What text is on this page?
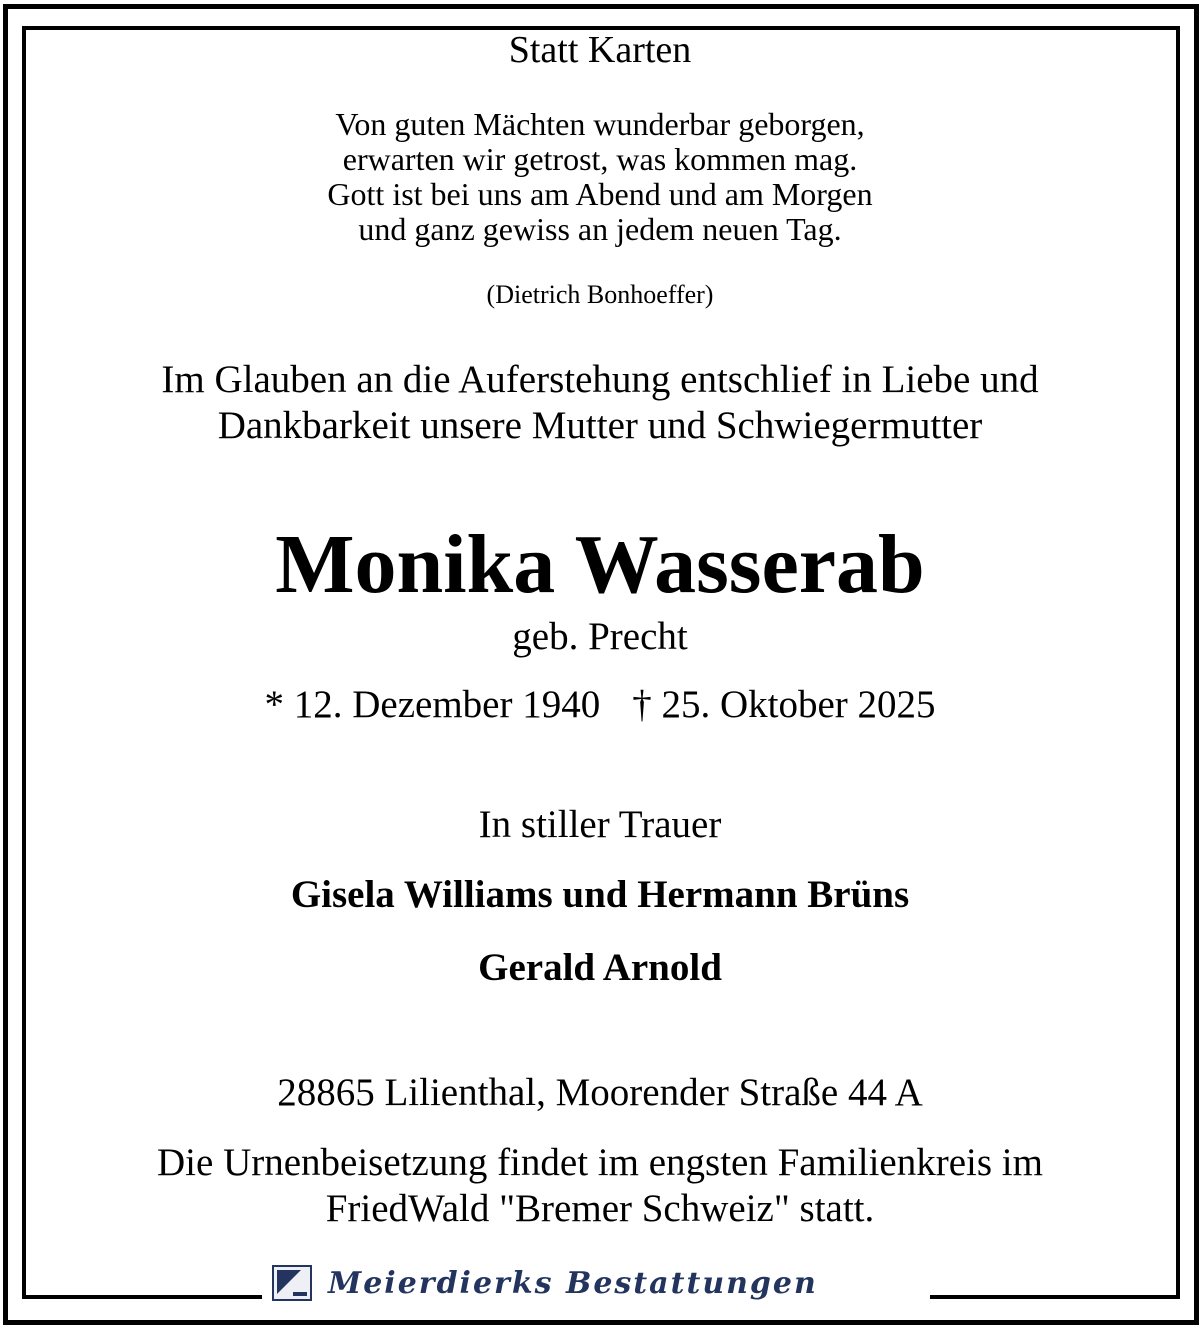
Statt Karten
Von guten Mächten wunderbar geborgen,
erwarten wir getrost, was kommen mag.
Gott ist bei uns am Abend und am Morgen
und ganz gewiss an jedem neuen Tag.
(Dietrich Bonhoeffer)
Im Glauben an die Auferstehung entschlief in Liebe und
Dankbarkeit unsere Mutter und Schwiegermutter
Monika Wasserab
geb. Precht
* 12. Dezember 1940 † 25. Oktober 2025
In stiller Trauer
Gisela Williams und Hermann Brüns
Gerald Arnold
28865 Lilienthal, Moorender Straße 44 A
Die Urnenbeisetzung findet im engsten Familienkreis im
FriedWald "Bremer Schweiz" statt.
Meierdierks Bestattungen
